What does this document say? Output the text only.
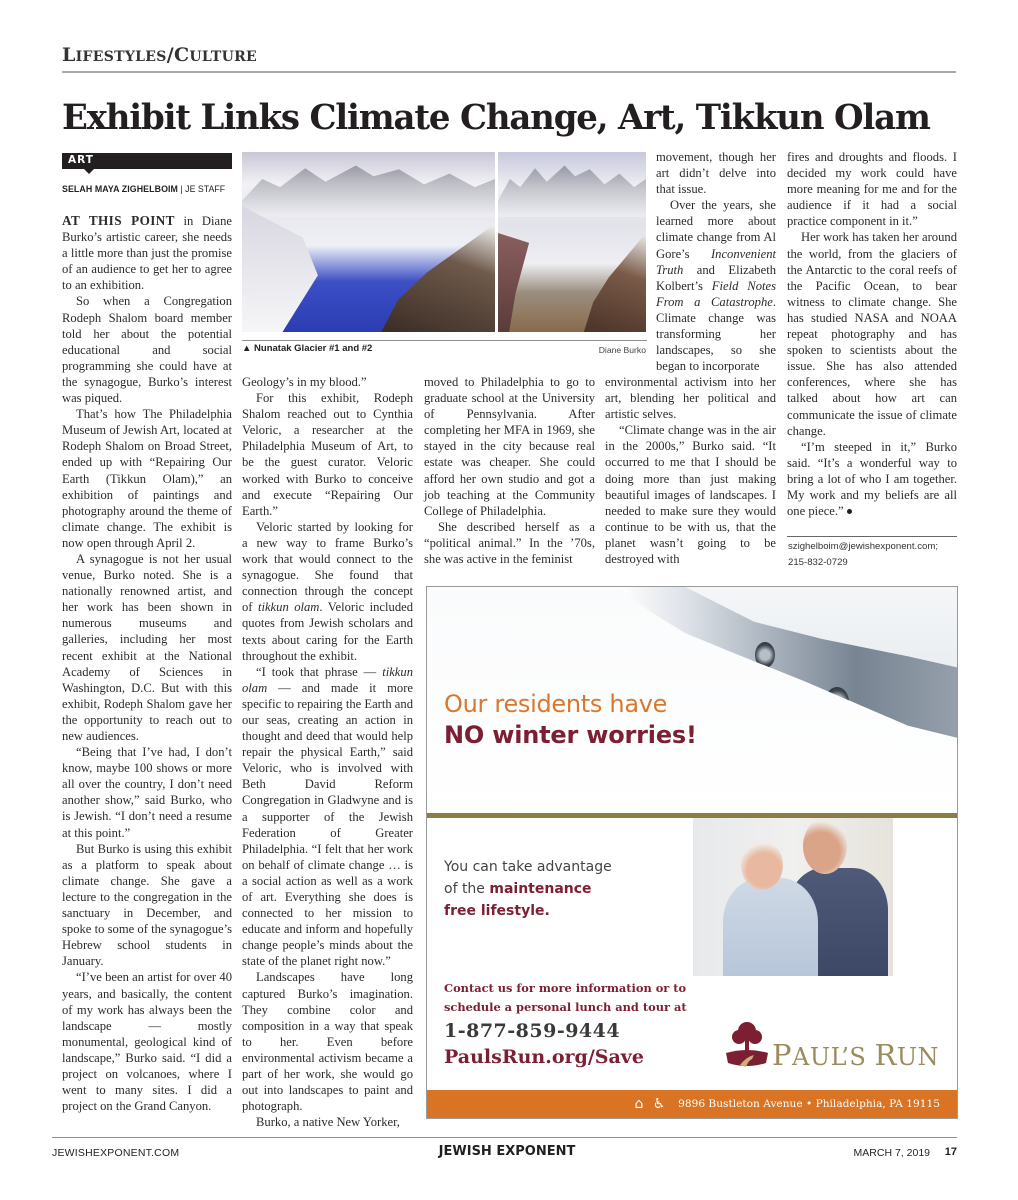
LIFESTYLES/CULTURE
Exhibit Links Climate Change, Art, Tikkun Olam
ART
SELAH MAYA ZIGHELBOIM | JE STAFF

AT THIS POINT in Diane Burko’s artistic career, she needs a little more than just the promise of an audience to get her to agree to an exhibition.

So when a Congregation Rodeph Shalom board member told her about the potential educational and social programming she could have at the synagogue, Burko’s interest was piqued.

That’s how The Philadelphia Museum of Jewish Art, located at Rodeph Shalom on Broad Street, ended up with “Repairing Our Earth (Tikkun Olam),” an exhibition of paintings and photography around the theme of climate change. The exhibit is now open through April 2.

A synagogue is not her usual venue, Burko noted. She is a nationally renowned artist, and her work has been shown in numerous museums and galleries, including her most recent exhibit at the National Academy of Sciences in Washington, D.C. But with this exhibit, Rodeph Shalom gave her the opportunity to reach out to new audiences.

“Being that I’ve had, I don’t know, maybe 100 shows or more all over the country, I don’t need another show,” said Burko, who is Jewish. “I don’t need a resume at this point.”

But Burko is using this exhibit as a platform to speak about climate change. She gave a lecture to the congregation in the sanctuary in December, and spoke to some of the synagogue’s Hebrew school students in January.

“I’ve been an artist for over 40 years, and basically, the content of my work has always been the landscape — mostly monumental, geological kind of landscape,” Burko said. “I did a project on volcanoes, where I went to many sites. I did a project on the Grand Canyon.

▲ Nunatak Glacier #1 and #2	Diane Burko

Geology’s in my blood.”

For this exhibit, Rodeph Shalom reached out to Cynthia Veloric, a researcher at the Philadelphia Museum of Art, to be the guest curator. Veloric worked with Burko to conceive and execute “Repairing Our Earth.”

Veloric started by looking for a new way to frame Burko’s work that would connect to the synagogue. She found that connection through the concept of tikkun olam. Veloric included quotes from Jewish scholars and texts about caring for the Earth throughout the exhibit.

“I took that phrase — tikkun olam — and made it more specific to repairing the Earth and our seas, creating an action in thought and deed that would help repair the physical Earth,” said Veloric, who is involved with Beth David Reform Congregation in Gladwyne and is a supporter of the Jewish Federation of Greater Philadelphia. “I felt that her work on behalf of climate change … is a social action as well as a work of art. Everything she does is connected to her mission to educate and inform and hopefully change people’s minds about the state of the planet right now.”

Landscapes have long captured Burko’s imagination. They combine color and composition in a way that speak to her. Even before environmental activism became a part of her work, she would go out into landscapes to paint and photograph.

Burko, a native New Yorker,

moved to Philadelphia to go to graduate school at the University of Pennsylvania. After completing her MFA in 1969, she stayed in the city because real estate was cheaper. She could afford her own studio and got a job teaching at the Community College of Philadelphia.

She described herself as a “political animal.” In the ’70s, she was active in the feminist

movement, though her art didn’t delve into that issue.

Over the years, she learned more about climate change from Al Gore’s Inconvenient Truth and Elizabeth Kolbert’s Field Notes From a Catastrophe. Climate change was transforming her landscapes, so she began to incorporate

environmental activism into her art, blending her political and artistic selves.

“Climate change was in the air in the 2000s,” Burko said. “It occurred to me that I should be doing more than just making beautiful images of landscapes. I needed to make sure they would continue to be with us, that the planet wasn’t going to be destroyed with

fires and droughts and floods. I decided my work could have more meaning for me and for the audience if it had a social practice component in it.”

Her work has taken her around the world, from the glaciers of the Antarctic to the coral reefs of the Pacific Ocean, to bear witness to climate change. She has studied NASA and NOAA repeat photography and has spoken to scientists about the issue. She has also attended conferences, where she has talked about how art can communicate the issue of climate change.

“I’m steeped in it,” Burko said. “It’s a wonderful way to bring a lot of who I am together. My work and my beliefs are all one piece.”

szighelboim@jewishexponent.com;
215-832-0729
Our residents have
NO winter worries!
You can take advantage
of the maintenance
free lifestyle.
Contact us for more information or to
schedule a personal lunch and tour at
1-877-859-9444
PaulsRun.org/Save	PAUL’S RUN
⌂ ♿ 9896 Bustleton Avenue • Philadelphia, PA 19115
JEWISHEXPONENT.COM	JEWISH EXPONENT	MARCH 7, 2019 17
